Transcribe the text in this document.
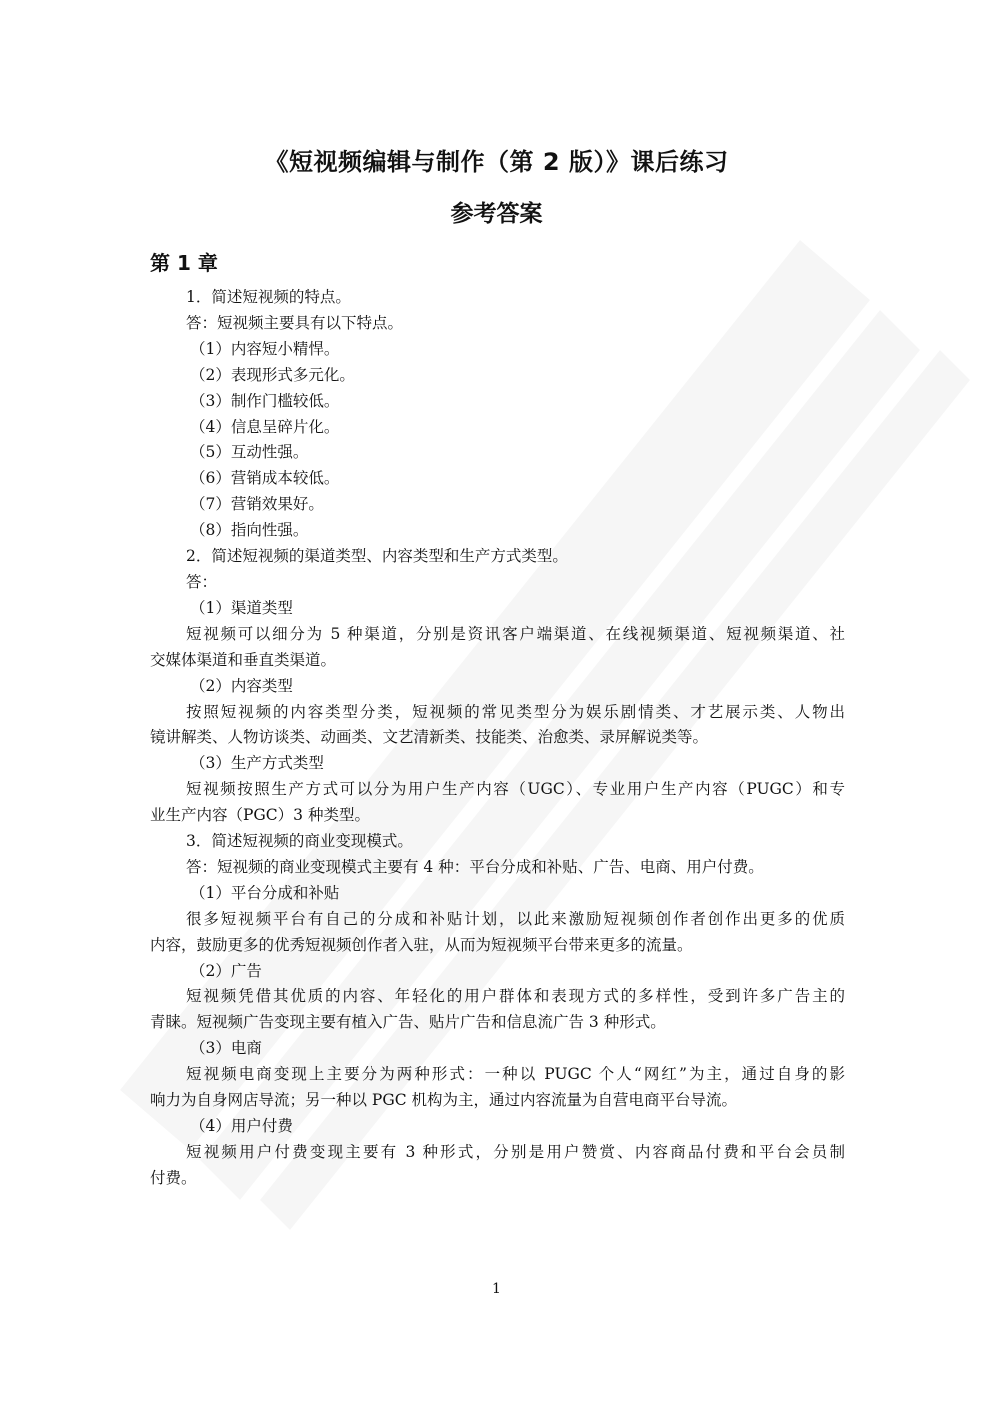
《短视频编辑与制作（第 2 版）》课后练习
参考答案
第 1 章
1．简述短视频的特点。
答：短视频主要具有以下特点。
（1）内容短小精悍。
（2）表现形式多元化。
（3）制作门槛较低。
（4）信息呈碎片化。
（5）互动性强。
（6）营销成本较低。
（7）营销效果好。
（8）指向性强。
2．简述短视频的渠道类型、内容类型和生产方式类型。
答：
（1）渠道类型
短视频可以细分为 5 种渠道，分别是资讯客户端渠道、在线视频渠道、短视频渠道、社
交媒体渠道和垂直类渠道。
（2）内容类型
按照短视频的内容类型分类，短视频的常见类型分为娱乐剧情类、才艺展示类、人物出
镜讲解类、人物访谈类、动画类、文艺清新类、技能类、治愈类、录屏解说类等。
（3）生产方式类型
短视频按照生产方式可以分为用户生产内容（UGC）、专业用户生产内容（PUGC）和专
业生产内容（PGC）3 种类型。
3．简述短视频的商业变现模式。
答：短视频的商业变现模式主要有 4 种：平台分成和补贴、广告、电商、用户付费。
（1）平台分成和补贴
很多短视频平台有自己的分成和补贴计划，以此来激励短视频创作者创作出更多的优质
内容，鼓励更多的优秀短视频创作者入驻，从而为短视频平台带来更多的流量。
（2）广告
短视频凭借其优质的内容、年轻化的用户群体和表现方式的多样性，受到许多广告主的
青睐。短视频广告变现主要有植入广告、贴片广告和信息流广告 3 种形式。
（3）电商
短视频电商变现上主要分为两种形式：一种以 PUGC 个人“网红”为主，通过自身的影
响力为自身网店导流；另一种以 PGC 机构为主，通过内容流量为自营电商平台导流。
（4）用户付费
短视频用户付费变现主要有 3 种形式，分别是用户赞赏、内容商品付费和平台会员制
付费。
1
